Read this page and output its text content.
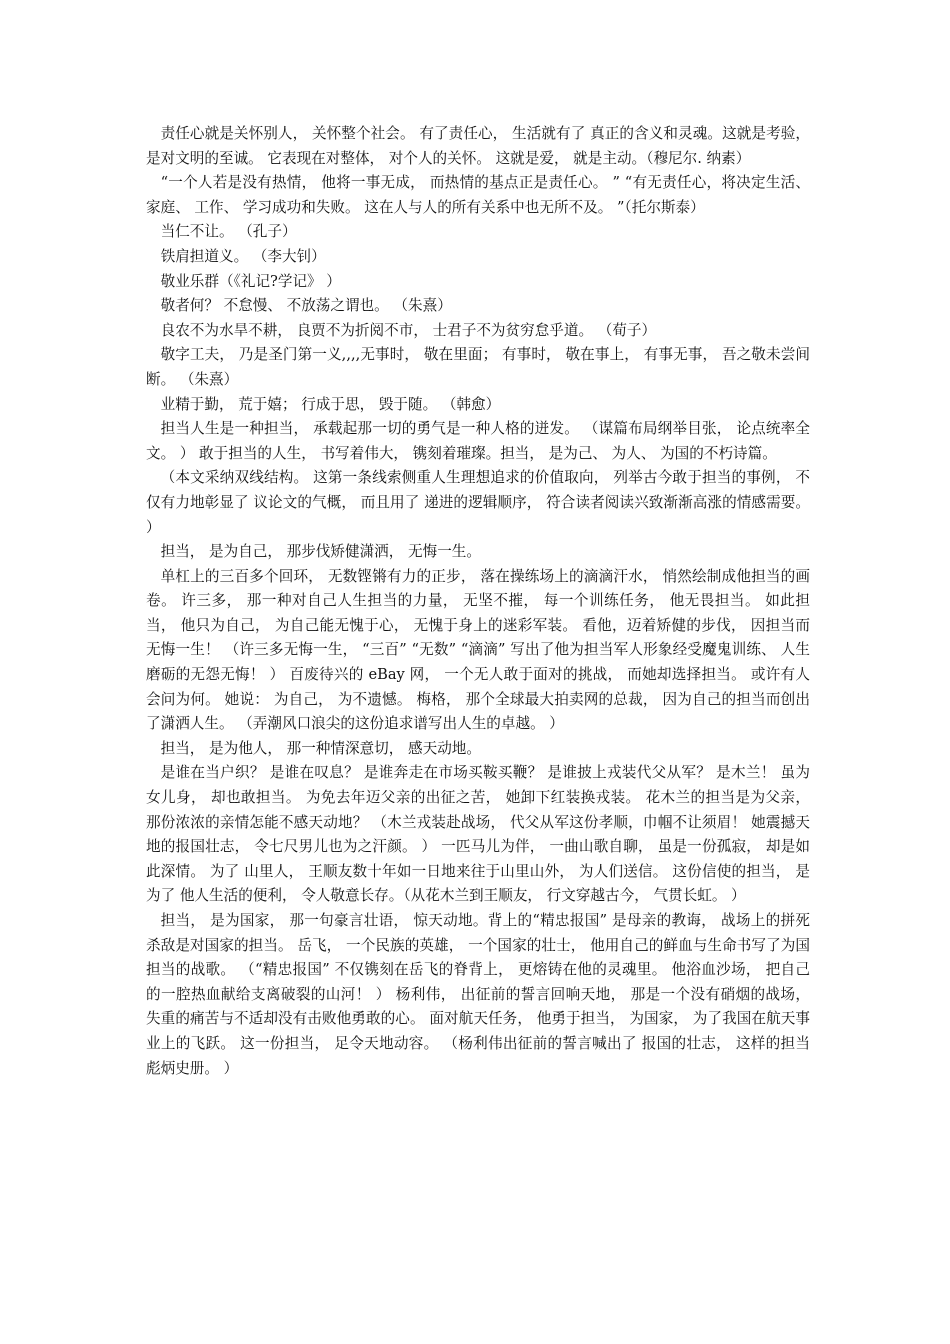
责任心就是关怀别人， 关怀整个社会。 有了责任心， 生活就有了 真正的含义和灵魂。这就是考验， 是对文明的至诚。 它表现在对整体， 对个人的关怀。 这就是爱， 就是主动。（穆尼尔. 纳素）

“一个人若是没有热情， 他将一事无成， 而热情的基点正是责任心。 ” “有无责任心，将决定生活、 家庭、 工作、 学习成功和失败。 这在人与人的所有关系中也无所不及。 ”（托尔斯泰）

当仁不让。 （孔子）

铁肩担道义。 （李大钊）

敬业乐群（《礼记?学记》 ）

敬者何？ 不怠慢、 不放荡之谓也。 （朱熹）

良农不为水旱不耕， 良贾不为折阅不市， 士君子不为贫穷怠乎道。 （荀子）

敬字工夫， 乃是圣门第一义,,,,无事时， 敬在里面； 有事时， 敬在事上， 有事无事， 吾之敬未尝间断。 （朱熹）

业精于勤， 荒于嬉； 行成于思， 毁于随。 （韩愈）

担当人生是一种担当， 承载起那一切的勇气是一种人格的迸发。 （谋篇布局纲举目张， 论点统率全文。 ） 敢于担当的人生， 书写着伟大， 镌刻着璀璨。担当， 是为己、 为人、 为国的不朽诗篇。

（本文采纳双线结构。 这第一条线索侧重人生理想追求的价值取向， 列举古今敢于担当的事例， 不仅有力地彰显了 议论文的气概， 而且用了 递进的逻辑顺序， 符合读者阅读兴致渐渐高涨的情感需要。 ）

担当， 是为自己， 那步伐矫健潇洒， 无悔一生。

单杠上的三百多个回环， 无数铿锵有力的正步， 落在操练场上的滴滴汗水， 悄然绘制成他担当的画卷。 许三多， 那一种对自己人生担当的力量， 无坚不摧， 每一个训练任务， 他无畏担当。 如此担当， 他只为自己， 为自己能无愧于心， 无愧于身上的迷彩军装。 看他，迈着矫健的步伐， 因担当而无悔一生！ （许三多无悔一生， “三百” “无数” “滴滴” 写出了他为担当军人形象经受魔鬼训练、 人生磨砺的无怨无悔！ ） 百废待兴的 eBay 网， 一个无人敢于面对的挑战， 而她却选择担当。 或许有人会问为何。 她说： 为自己， 为不遗憾。 梅格， 那个全球最大拍卖网的总裁， 因为自己的担当而创出了潇洒人生。 （弄潮风口浪尖的这份追求谱写出人生的卓越。 ）

担当， 是为他人， 那一种情深意切， 感天动地。

是谁在当户织？ 是谁在叹息？ 是谁奔走在市场买鞍买鞭？ 是谁披上戎装代父从军？ 是木兰！ 虽为女儿身， 却也敢担当。 为免去年迈父亲的出征之苦， 她卸下红装换戎装。 花木兰的担当是为父亲， 那份浓浓的亲情怎能不感天动地？ （木兰戎装赴战场， 代父从军这份孝顺，巾帼不让须眉！ 她震撼天地的报国壮志， 令七尺男儿也为之汗颜。 ） 一匹马儿为伴， 一曲山歌自聊， 虽是一份孤寂， 却是如此深情。 为了 山里人， 王顺友数十年如一日地来往于山里山外， 为人们送信。 这份信使的担当， 是为了 他人生活的便利， 令人敬意长存。（从花木兰到王顺友， 行文穿越古今， 气贯长虹。 ）

担当， 是为国家， 那一句豪言壮语， 惊天动地。背上的“精忠报国” 是母亲的教诲， 战场上的拼死杀敌是对国家的担当。 岳飞， 一个民族的英雄， 一个国家的壮士， 他用自己的鲜血与生命书写了为国担当的战歌。 （“精忠报国” 不仅镌刻在岳飞的脊背上， 更熔铸在他的灵魂里。 他浴血沙场， 把自己的一腔热血献给支离破裂的山河！ ） 杨利伟， 出征前的誓言回响天地， 那是一个没有硝烟的战场， 失重的痛苦与不适却没有击败他勇敢的心。 面对航天任务， 他勇于担当， 为国家， 为了我国在航天事业上的飞跃。 这一份担当， 足令天地动容。 （杨利伟出征前的誓言喊出了 报国的壮志， 这样的担当彪炳史册。 ）
